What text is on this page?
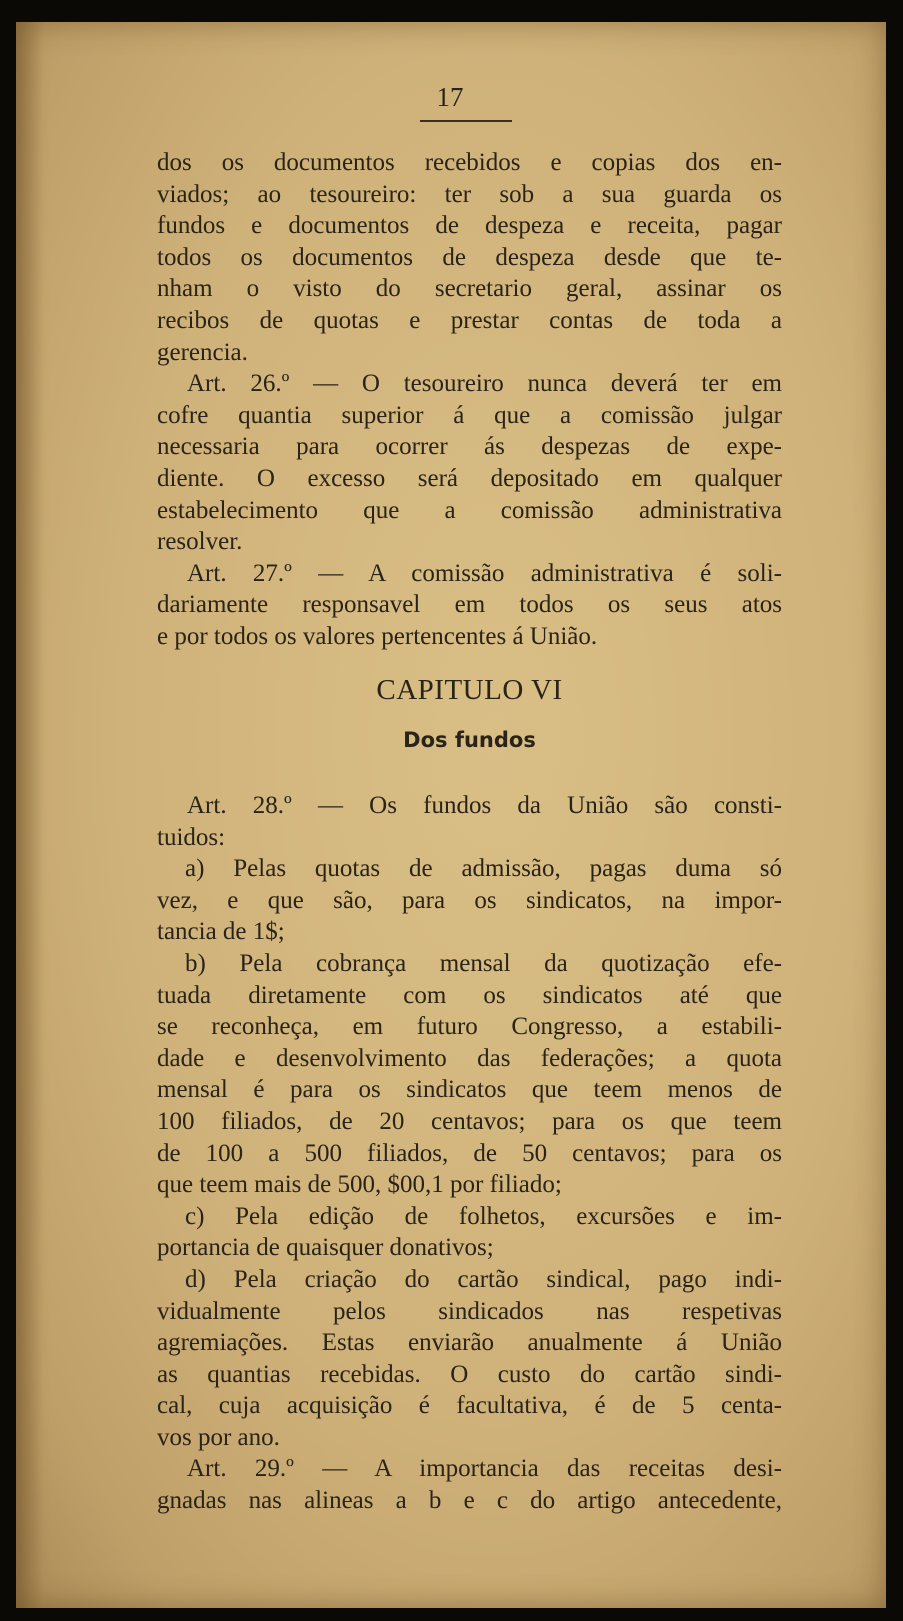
17
dos os documentos recebidos e copias dos en-
viados; ao tesoureiro: ter sob a sua guarda os
fundos e documentos de despeza e receita, pagar
todos os documentos de despeza desde que te-
nham o visto do secretario geral, assinar os
recibos de quotas e prestar contas de toda a
gerencia.
Art. 26.º — O tesoureiro nunca deverá ter em
cofre quantia superior á que a comissão julgar
necessaria para ocorrer ás despezas de expe-
diente. O excesso será depositado em qualquer
estabelecimento que a comissão administrativa
resolver.
Art. 27.º — A comissão administrativa é soli-
dariamente responsavel em todos os seus atos
e por todos os valores pertencentes á União.
CAPITULO VI
Dos fundos
Art. 28.º — Os fundos da União são consti-
tuidos:
a) Pelas quotas de admissão, pagas duma só
vez, e que são, para os sindicatos, na impor-
tancia de 1$;
b) Pela cobrança mensal da quotização efe-
tuada diretamente com os sindicatos até que
se reconheça, em futuro Congresso, a estabili-
dade e desenvolvimento das federações; a quota
mensal é para os sindicatos que teem menos de
100 filiados, de 20 centavos; para os que teem
de 100 a 500 filiados, de 50 centavos; para os
que teem mais de 500, $00,1 por filiado;
c) Pela edição de folhetos, excursões e im-
portancia de quaisquer donativos;
d) Pela criação do cartão sindical, pago indi-
vidualmente pelos sindicados nas respetivas
agremiações. Estas enviarão anualmente á União
as quantias recebidas. O custo do cartão sindi-
cal, cuja acquisição é facultativa, é de 5 centa-
vos por ano.
Art. 29.º — A importancia das receitas desi-
gnadas nas alineas a b e c do artigo antecedente,
